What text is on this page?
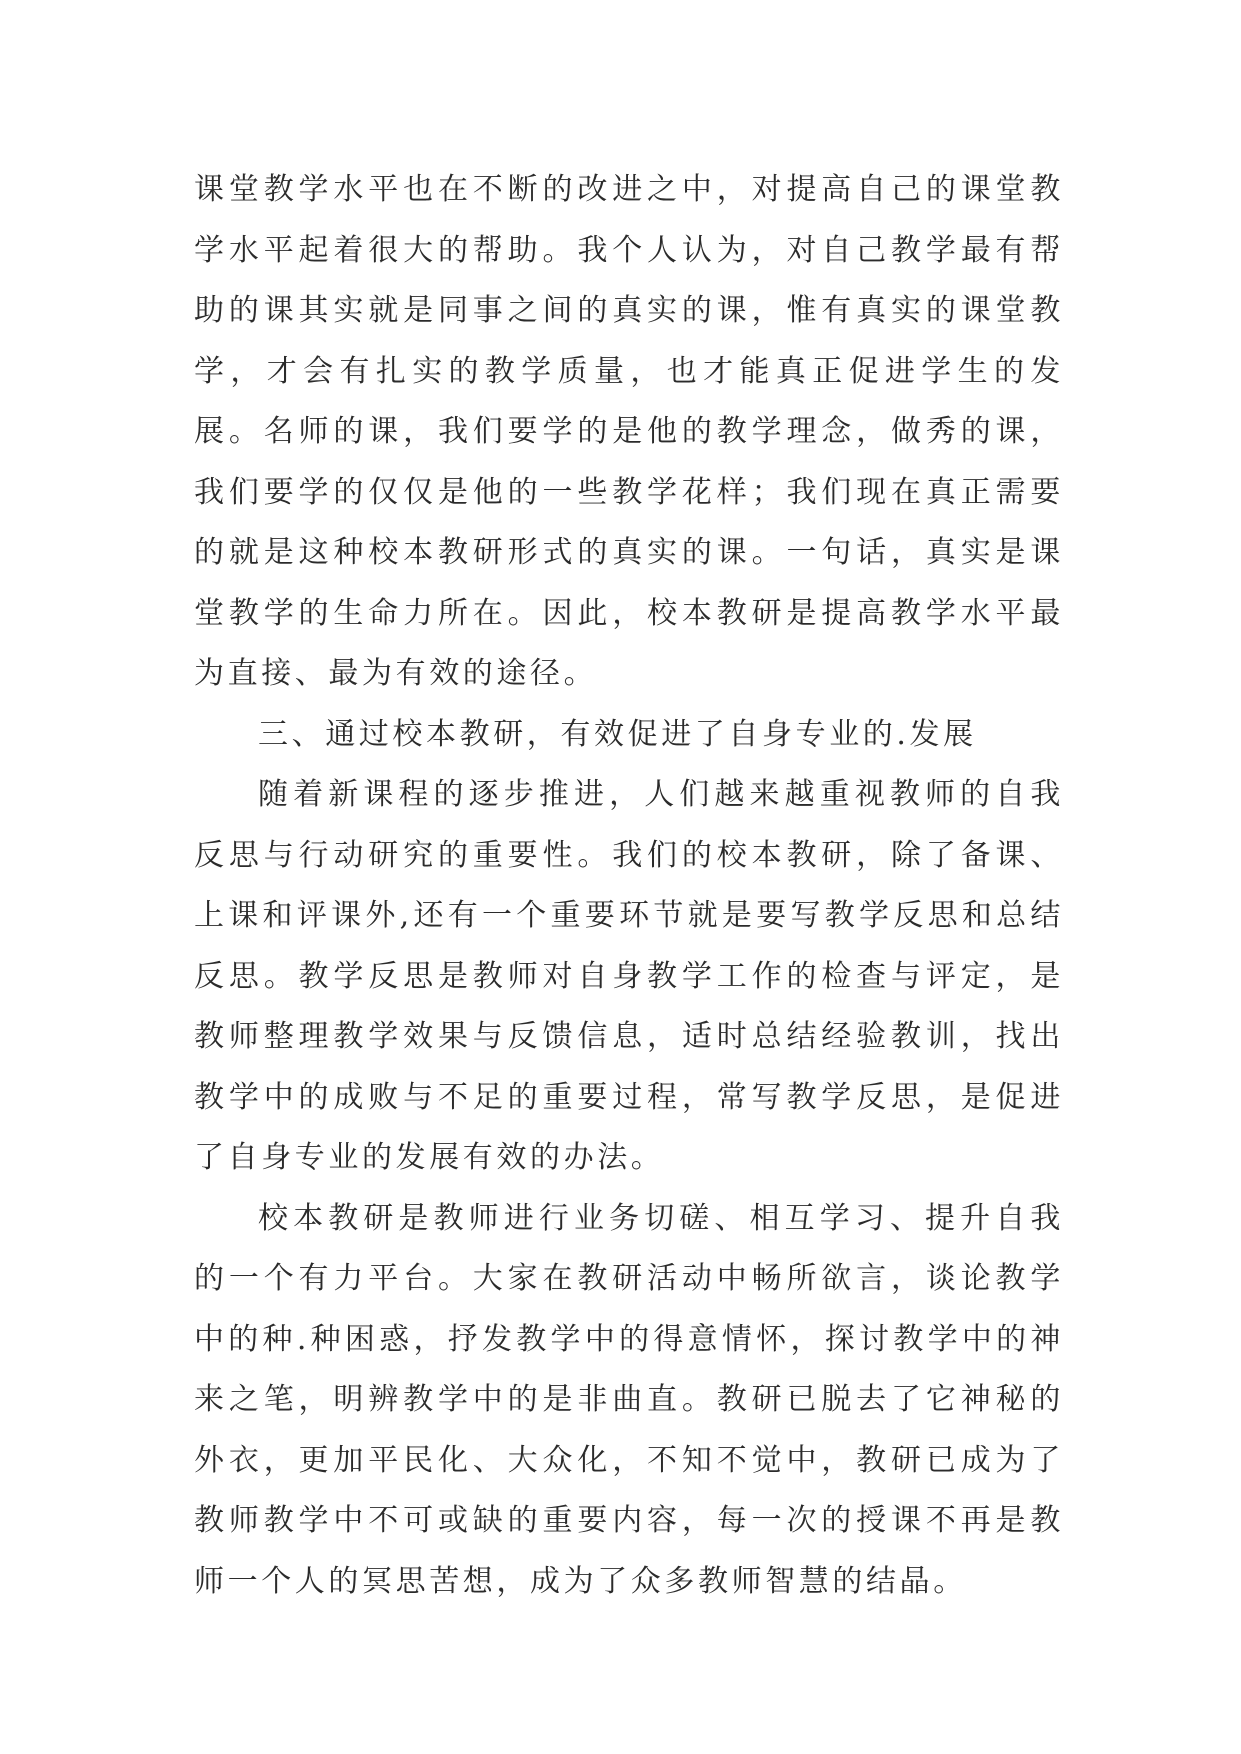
课堂教学水平也在不断的改进之中，对提高自己的课堂教学水平起着很大的帮助。我个人认为，对自己教学最有帮助的课其实就是同事之间的真实的课，惟有真实的课堂教学，才会有扎实的教学质量，也才能真正促进学生的发展。名师的课，我们要学的是他的教学理念，做秀的课，我们要学的仅仅是他的一些教学花样；我们现在真正需要的就是这种校本教研形式的真实的课。一句话，真实是课堂教学的生命力所在。因此，校本教研是提高教学水平最为直接、最为有效的途径。

三、通过校本教研，有效促进了自身专业的.发展

随着新课程的逐步推进，人们越来越重视教师的自我反思与行动研究的重要性。我们的校本教研，除了备课、上课和评课外,还有一个重要环节就是要写教学反思和总结反思。教学反思是教师对自身教学工作的检查与评定，是教师整理教学效果与反馈信息，适时总结经验教训，找出教学中的成败与不足的重要过程，常写教学反思，是促进了自身专业的发展有效的办法。

校本教研是教师进行业务切磋、相互学习、提升自我的一个有力平台。大家在教研活动中畅所欲言，谈论教学中的种.种困惑，抒发教学中的得意情怀，探讨教学中的神来之笔，明辨教学中的是非曲直。教研已脱去了它神秘的外衣，更加平民化、大众化，不知不觉中，教研已成为了教师教学中不可或缺的重要内容，每一次的授课不再是教师一个人的冥思苦想，成为了众多教师智慧的结晶。
